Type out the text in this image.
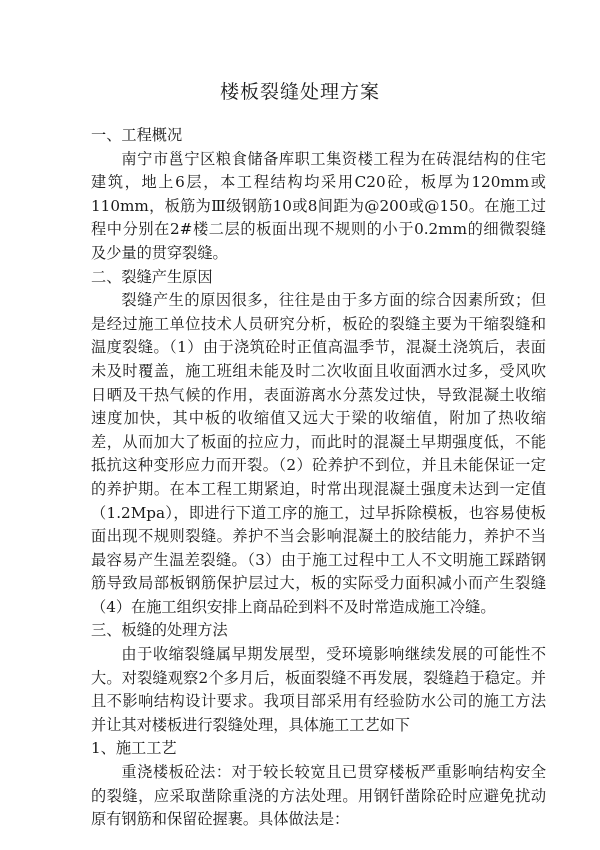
楼板裂缝处理方案

一、工程概况

南宁市邕宁区粮食储备库职工集资楼工程为在砖混结构的住宅建筑，地上6层，本工程结构均采用C20砼，板厚为120mm或110mm，板筋为Ⅲ级钢筋10或8间距为@200或@150。在施工过程中分别在2#楼二层的板面出现不规则的小于0.2mm的细微裂缝及少量的贯穿裂缝。

二、裂缝产生原因

裂缝产生的原因很多，往往是由于多方面的综合因素所致；但是经过施工单位技术人员研究分析，板砼的裂缝主要为干缩裂缝和温度裂缝。（1）由于浇筑砼时正值高温季节，混凝土浇筑后，表面未及时覆盖，施工班组未能及时二次收面且收面洒水过多，受风吹日晒及干热气候的作用，表面游离水分蒸发过快，导致混凝土收缩速度加快，其中板的收缩值又远大于梁的收缩值，附加了热收缩差，从而加大了板面的拉应力，而此时的混凝土早期强度低，不能抵抗这种变形应力而开裂。（2）砼养护不到位，并且未能保证一定的养护期。在本工程工期紧迫，时常出现混凝土强度未达到一定值（1.2Mpa），即进行下道工序的施工，过早拆除模板，也容易使板面出现不规则裂缝。养护不当会影响混凝土的胶结能力，养护不当最容易产生温差裂缝。（3）由于施工过程中工人不文明施工踩踏钢筋导致局部板钢筋保护层过大，板的实际受力面积减小而产生裂缝（4）在施工组织安排上商品砼到料不及时常造成施工冷缝。

三、板缝的处理方法

由于收缩裂缝属早期发展型，受环境影响继续发展的可能性不大。对裂缝观察2个多月后，板面裂缝不再发展，裂缝趋于稳定。并且不影响结构设计要求。我项目部采用有经验防水公司的施工方法并让其对楼板进行裂缝处理，具体施工工艺如下

1、施工工艺

重浇楼板砼法：对于较长较宽且已贯穿楼板严重影响结构安全的裂缝，应采取凿除重浇的方法处理。用钢钎凿除砼时应避免扰动原有钢筋和保留砼握裹。具体做法是：
